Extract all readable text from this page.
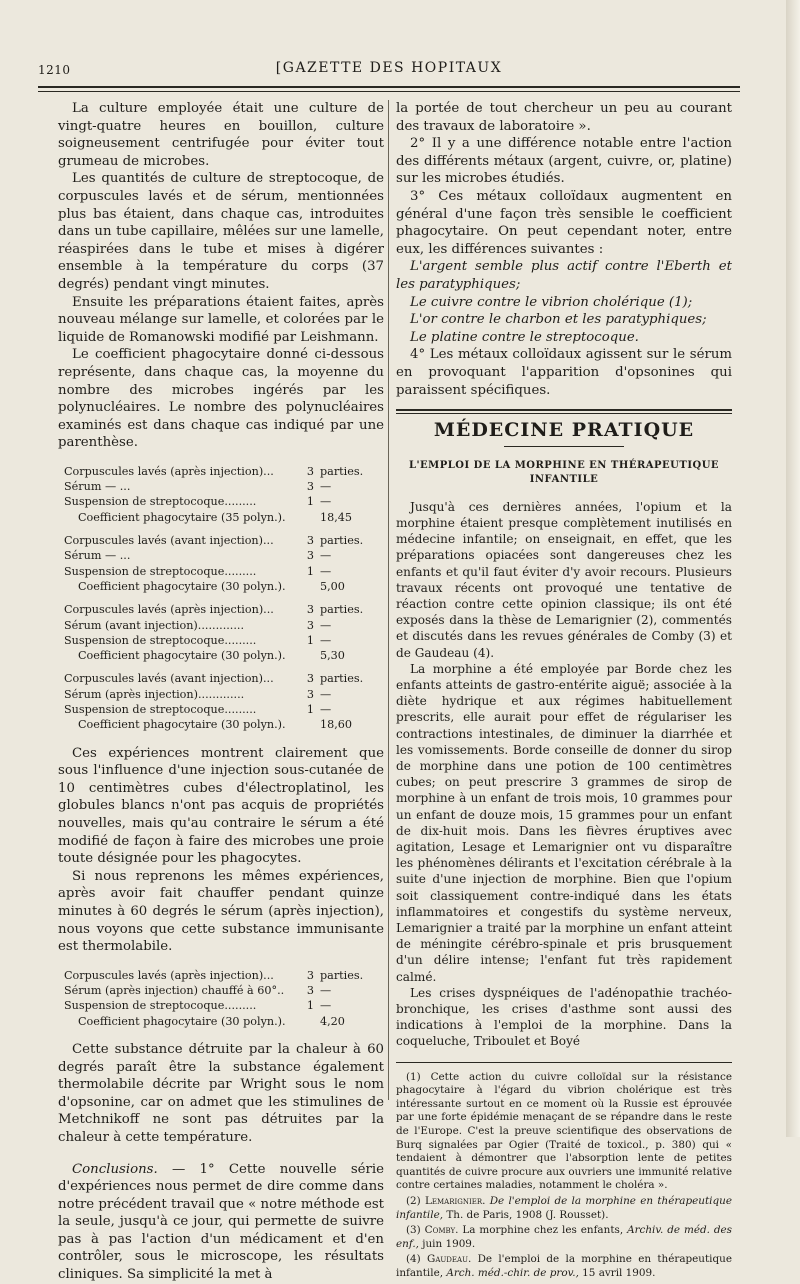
1210	[GAZETTE DES HOPITAUX

La culture employée était une culture de vingt-quatre heures en bouillon, culture soigneusement centrifugée pour éviter tout grumeau de microbes.

Les quantités de culture de streptocoque, de corpuscules lavés et de sérum, mentionnées plus bas étaient, dans chaque cas, introduites dans un tube capillaire, mêlées sur une lamelle, réaspirées dans le tube et mises à digérer ensemble à la température du corps (37 degrés) pendant vingt minutes.

Ensuite les préparations étaient faites, après nouveau mélange sur lamelle, et colorées par le liquide de Romanowski modifié par Leishmann.

Le coefficient phagocytaire donné ci-dessous représente, dans chaque cas, la moyenne du nombre des microbes ingérés par les polynucléaires. Le nombre des polynucléaires examinés est dans chaque cas indiqué par une parenthèse.

Corpuscules lavés (après injection)...	3 parties.
Sérum — ...	3 —
Suspension de streptocoque.........	1 —
Coefficient phagocytaire (35 polyn.).	18,45
Corpuscules lavés (avant injection)...	3 parties.
Sérum — ...	3 —
Suspension de streptocoque.........	1 —
Coefficient phagocytaire (30 polyn.).	5,00
Corpuscules lavés (après injection)...	3 parties.
Sérum (avant injection).............	3 —
Suspension de streptocoque.........	1 —
Coefficient phagocytaire (30 polyn.).	5,30
Corpuscules lavés (avant injection)...	3 parties.
Sérum (après injection).............	3 —
Suspension de streptocoque.........	1 —
Coefficient phagocytaire (30 polyn.).	18,60

Ces expériences montrent clairement que sous l'influence d'une injection sous-cutanée de 10 centimètres cubes d'électroplatinol, les globules blancs n'ont pas acquis de propriétés nouvelles, mais qu'au contraire le sérum a été modifié de façon à faire des microbes une proie toute désignée pour les phagocytes.

Si nous reprenons les mêmes expériences, après avoir fait chauffer pendant quinze minutes à 60 degrés le sérum (après injection), nous voyons que cette substance immunisante est thermolabile.

Corpuscules lavés (après injection)...	3 parties.
Sérum (après injection) chauffé à 60°..	3 —
Suspension de streptocoque.........	1 —
Coefficient phagocytaire (30 polyn.).	4,20

Cette substance détruite par la chaleur à 60 degrés paraît être la substance également thermolabile décrite par Wright sous le nom d'opsonine, car on admet que les stimulines de Metchnikoff ne sont pas détruites par la chaleur à cette température.

Conclusions. — 1° Cette nouvelle série d'expériences nous permet de dire comme dans notre précédent travail que « notre méthode est la seule, jusqu'à ce jour, qui permette de suivre pas à pas l'action d'un médicament et d'en contrôler, sous le microscope, les résultats cliniques. Sa simplicité la met à

la portée de tout chercheur un peu au courant des travaux de laboratoire ».

2° Il y a une différence notable entre l'action des différents métaux (argent, cuivre, or, platine) sur les microbes étudiés.

3° Ces métaux colloïdaux augmentent en général d'une façon très sensible le coefficient phagocytaire. On peut cependant noter, entre eux, les différences suivantes :

L'argent semble plus actif contre l'Eberth et les paratyphiques;

Le cuivre contre le vibrion cholérique (1);

L'or contre le charbon et les paratyphiques;

Le platine contre le streptocoque.

4° Les métaux colloïdaux agissent sur le sérum en provoquant l'apparition d'opsonines qui paraissent spécifiques.

MÉDECINE PRATIQUE
L'EMPLOI DE LA MORPHINE EN THÉRAPEUTIQUE INFANTILE

Jusqu'à ces dernières années, l'opium et la morphine étaient presque complètement inutilisés en médecine infantile; on enseignait, en effet, que les préparations opiacées sont dangereuses chez les enfants et qu'il faut éviter d'y avoir recours. Plusieurs travaux récents ont provoqué une tentative de réaction contre cette opinion classique; ils ont été exposés dans la thèse de Lemarignier (2), commentés et discutés dans les revues générales de Comby (3) et de Gaudeau (4).

La morphine a été employée par Borde chez les enfants atteints de gastro-entérite aiguë; associée à la diète hydrique et aux régimes habituellement prescrits, elle aurait pour effet de régulariser les contractions intestinales, de diminuer la diarrhée et les vomissements. Borde conseille de donner du sirop de morphine dans une potion de 100 centimètres cubes; on peut prescrire 3 grammes de sirop de morphine à un enfant de trois mois, 10 grammes pour un enfant de douze mois, 15 grammes pour un enfant de dix-huit mois. Dans les fièvres éruptives avec agitation, Lesage et Lemarignier ont vu disparaître les phénomènes délirants et l'excitation cérébrale à la suite d'une injection de morphine. Bien que l'opium soit classiquement contre-indiqué dans les états inflammatoires et congestifs du système nerveux, Lemarignier a traité par la morphine un enfant atteint de méningite cérébro-spinale et pris brusquement d'un délire intense; l'enfant fut très rapidement calmé.

Les crises dyspnéiques de l'adénopathie trachéo-bronchique, les crises d'asthme sont aussi des indications à l'emploi de la morphine. Dans la coqueluche, Triboulet et Boyé

(1) Cette action du cuivre colloïdal sur la résistance phagocytaire à l'égard du vibrion cholérique est très intéressante surtout en ce moment où la Russie est éprouvée par une forte épidémie menaçant de se répandre dans le reste de l'Europe. C'est la preuve scientifique des observations de Burq signalées par Ogier (Traité de toxicol., p. 380) qui « tendaient à démontrer que l'absorption lente de petites quantités de cuivre procure aux ouvriers une immunité relative contre certaines maladies, notamment le choléra ».

(2) Lemarignier. De l'emploi de la morphine en thérapeutique infantile, Th. de Paris, 1908 (J. Rousset).

(3) Comby. La morphine chez les enfants, Archiv. de méd. des enf., juin 1909.

(4) Gaudeau. De l'emploi de la morphine en thérapeutique infantile, Arch. méd.-chir. de prov., 15 avril 1909.
